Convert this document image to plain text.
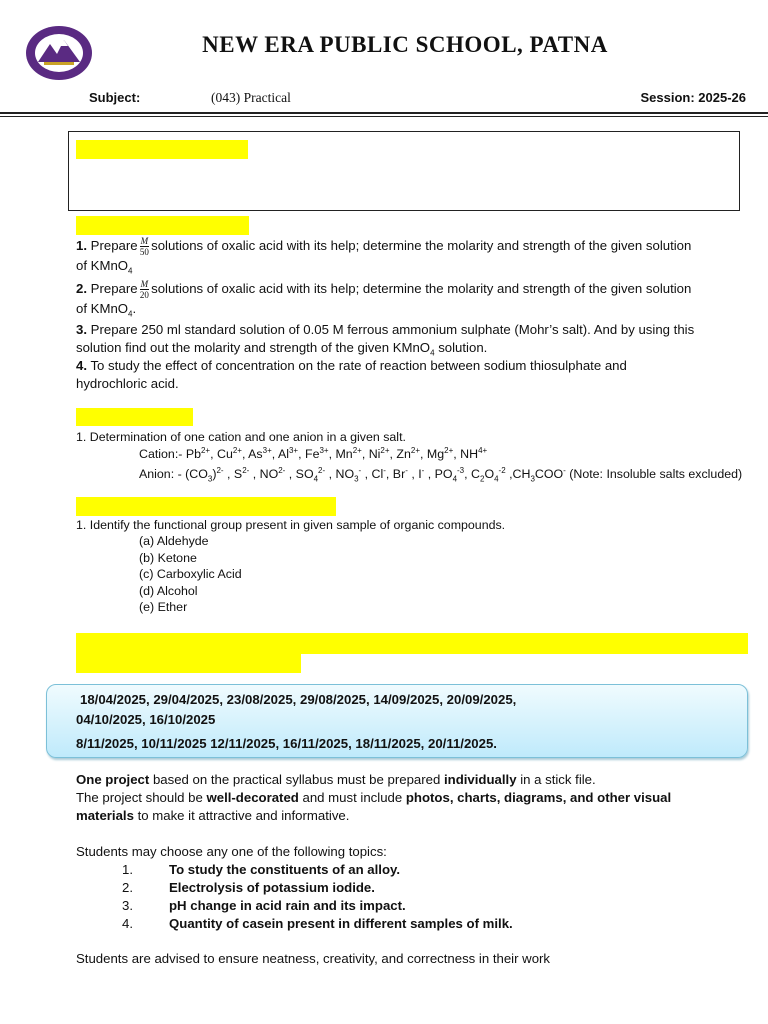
NEW ERA PUBLIC SCHOOL, PATNA
Subject:	(043) Practical	Session: 2025-26
1. Prepare $\frac{M}{50}$ solutions of oxalic acid with its help; determine the molarity and strength of the given solution
of KMnO$_4$
2. Prepare $\frac{M}{20}$ solutions of oxalic acid with its help; determine the molarity and strength of the given solution
of KMnO$_4$.
3. Prepare 250 ml standard solution of 0.05 M ferrous ammonium sulphate (Mohr’s salt). And by using this
solution find out the molarity and strength of the given KMnO$_4$ solution.
4. To study the effect of concentration on the rate of reaction between sodium thiosulphate and
hydrochloric acid.
1. Determination of one cation and one anion in a given salt.
Cation:- $Pb^{2+}$, $Cu^{2+}$, $As^{3+}$, $Al^{3+}$, $Fe^{3+}$, $Mn^{2+}$, $Ni^{2+}$, $Zn^{2+}$, $Mg^{2+}$, $NH^{4+}$
Anion: - $(CO_3)^{2-}$ , $S^{2-}$ , $NO^{2-}$ , $SO_4^{2-}$ , $NO_3^-$ , Cl-, Br- , I- , $PO_4^{-3}$, $C_2O_4^{-2}$ $,CH_3COO^-$ (Note: Insoluble salts excluded)
1. Identify the functional group present in given sample of organic compounds.
(a) Aldehyde
(b) Ketone
(c) Carboxylic Acid
(d) Alcohol
(e) Ether
18/04/2025, 29/04/2025, 23/08/2025, 29/08/2025, 14/09/2025, 20/09/2025,
04/10/2025, 16/10/2025
8/11/2025, 10/11/2025 12/11/2025, 16/11/2025, 18/11/2025, 20/11/2025.
One project based on the practical syllabus must be prepared individually in a stick file.
The project should be well-decorated and must include photos, charts, diagrams, and other visual
materials to make it attractive and informative.
Students may choose any one of the following topics:
1.	To study the constituents of an alloy.
2.	Electrolysis of potassium iodide.
3.	pH change in acid rain and its impact.
4.	Quantity of casein present in different samples of milk.
Students are advised to ensure neatness, creativity, and correctness in their work
